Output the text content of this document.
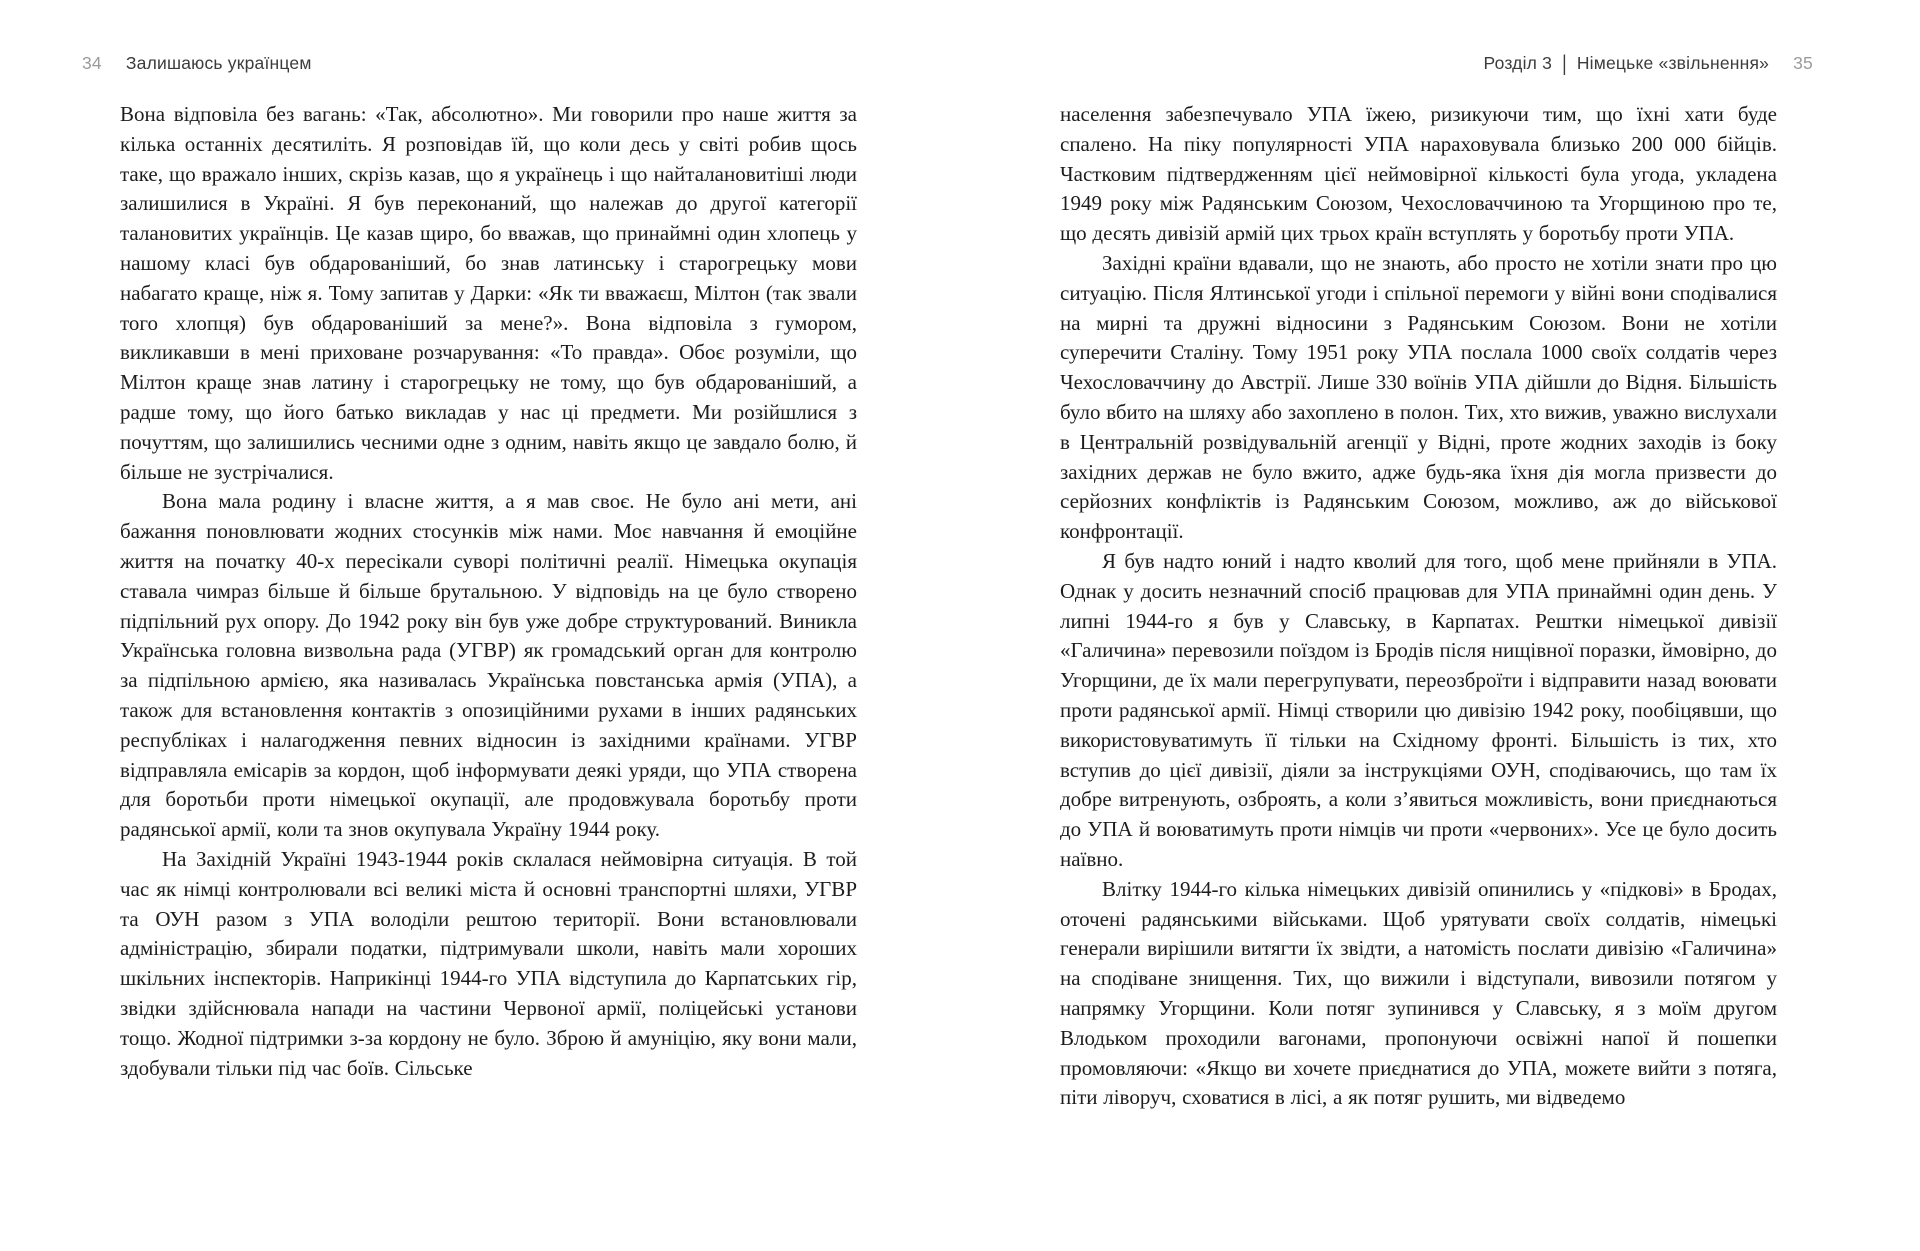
34 Залишаюсь українцем	Розділ 3 | Німецьке «звільнення» 35

Вона відповіла без вагань: «Так, абсолютно». Ми говорили про наше життя за кілька останніх десятиліть. Я розповідав їй, що коли десь у світі робив щось таке, що вражало інших, скрізь казав, що я українець і що найталановитіші люди залишилися в Україні. Я був переконаний, що належав до другої категорії талановитих українців. Це казав щиро, бо вважав, що принаймні один хлопець у нашому класі був обдарованіший, бо знав латинську і старогрецьку мови набагато краще, ніж я. Тому запитав у Дарки: «Як ти вважаєш, Мілтон (так звали того хлопця) був обдарованіший за мене?». Вона відповіла з гумором, викликавши в мені приховане розчарування: «То правда». Обоє розуміли, що Мілтон краще знав латину і старогрецьку не тому, що був обдарованіший, а радше тому, що його батько викладав у нас ці предмети. Ми розійшлися з почуттям, що залишились чесними одне з одним, навіть якщо це завдало болю, й більше не зустрічалися.

Вона мала родину і власне життя, а я мав своє. Не було ані мети, ані бажання поновлювати жодних стосунків між нами. Моє навчання й емоційне життя на початку 40-х пересікали суворі політичні реалії. Німецька окупація ставала чимраз більше й більше брутальною. У відповідь на це було створено підпільний рух опору. До 1942 року він був уже добре структурований. Виникла Українська головна визвольна рада (УГВР) як громадський орган для контролю за підпільною армією, яка називалась Українська повстанська армія (УПА), а також для встановлення контактів з опозиційними рухами в інших радянських республіках і налагодження певних відносин із західними країнами. УГВР відправляла емісарів за кордон, щоб інформувати деякі уряди, що УПА створена для боротьби проти німецької окупації, але продовжувала боротьбу проти радянської армії, коли та знов окупувала Україну 1944 року.

На Західній Україні 1943-1944 років склалася неймовірна ситуація. В той час як німці контролювали всі великі міста й основні транспортні шляхи, УГВР та ОУН разом з УПА володіли рештою території. Вони встановлювали адміністрацію, збирали податки, підтримували школи, навіть мали хороших шкільних інспекторів. Наприкінці 1944-го УПА відступила до Карпатських гір, звідки здійснювала напади на частини Червоної армії, поліцейські установи тощо. Жодної підтримки з-за кордону не було. Зброю й амуніцію, яку вони мали, здобували тільки під час боїв. Сільське

населення забезпечувало УПА їжею, ризикуючи тим, що їхні хати буде спалено. На піку популярності УПА нараховувала близько 200 000 бійців. Частковим підтвердженням цієї неймовірної кількості була угода, укладена 1949 року між Радянським Союзом, Чехословаччиною та Угорщиною про те, що десять дивізій армій цих трьох країн вступлять у боротьбу проти УПА.

Західні країни вдавали, що не знають, або просто не хотіли знати про цю ситуацію. Після Ялтинської угоди і спільної перемоги у війні вони сподівалися на мирні та дружні відносини з Радянським Союзом. Вони не хотіли суперечити Сталіну. Тому 1951 року УПА послала 1000 своїх солдатів через Чехословаччину до Австрії. Лише 330 воїнів УПА дійшли до Відня. Більшість було вбито на шляху або захоплено в полон. Тих, хто вижив, уважно вислухали в Центральній розвідувальній агенції у Відні, проте жодних заходів із боку західних держав не було вжито, адже будь-яка їхня дія могла призвести до серйозних конфліктів із Радянським Союзом, можливо, аж до військової конфронтації.

Я був надто юний і надто кволий для того, щоб мене прийняли в УПА. Однак у досить незначний спосіб працював для УПА принаймні один день. У липні 1944-го я був у Славську, в Карпатах. Рештки німецької дивізії «Галичина» перевозили поїздом із Бродів після нищівної поразки, ймовірно, до Угорщини, де їх мали перегрупувати, переозброїти і відправити назад воювати проти радянської армії. Німці створили цю дивізію 1942 року, пообіцявши, що використовуватимуть її тільки на Східному фронті. Більшість із тих, хто вступив до цієї дивізії, діяли за інструкціями ОУН, сподіваючись, що там їх добре витренують, озброять, а коли з’явиться можливість, вони приєднаються до УПА й воюватимуть проти німців чи проти «червоних». Усе це було досить наївно.

Влітку 1944-го кілька німецьких дивізій опинились у «підкові» в Бродах, оточені радянськими військами. Щоб урятувати своїх солдатів, німецькі генерали вирішили витягти їх звідти, а натомість послати дивізію «Галичина» на сподіване знищення. Тих, що вижили і відступали, вивозили потягом у напрямку Угорщини. Коли потяг зупинився у Славську, я з моїм другом Влодьком проходили вагонами, пропонуючи освіжні напої й пошепки промовляючи: «Якщо ви хочете приєднатися до УПА, можете вийти з потяга, піти ліворуч, сховатися в лісі, а як потяг рушить, ми відведемо
